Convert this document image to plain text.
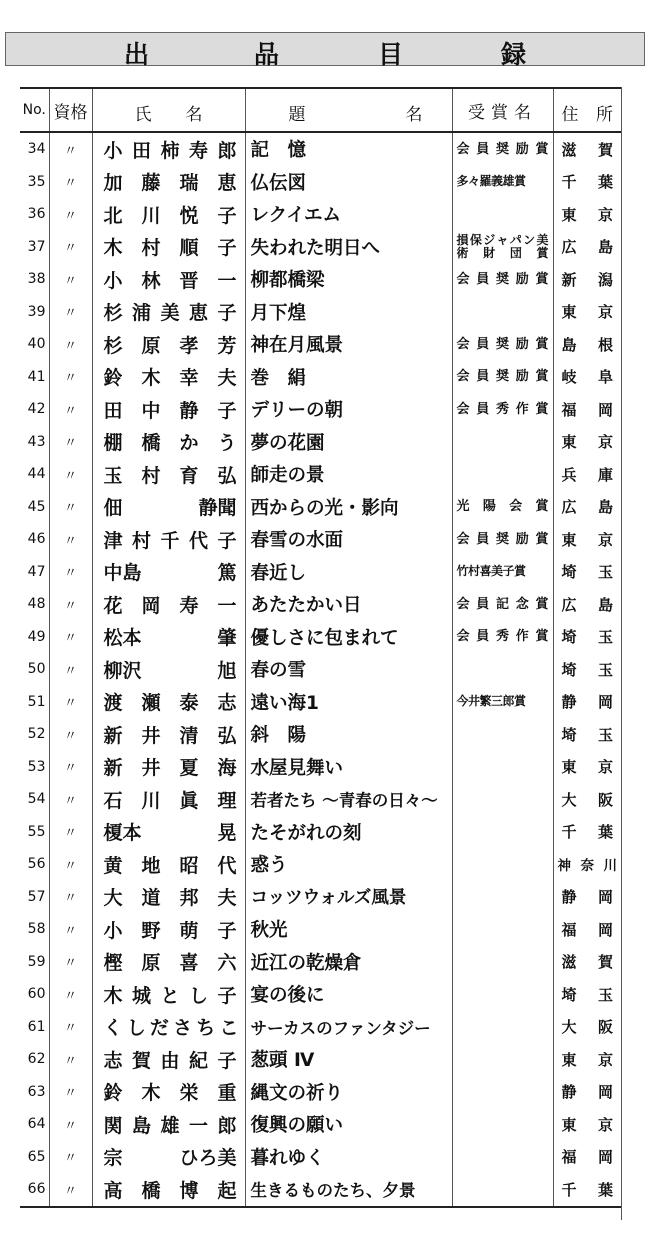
出	品	目	録
No.	資格	氏 名	題 名	受賞名	住 所

34	〃	小田柿寿郎	記　憶	会員奨励賞	滋賀
35	〃	加藤瑞恵	仏伝図	多々羅義雄賞	千葉
36	〃	北川悦子	レクイエム		東京
37	〃	木村順子	失われた明日へ	損保ジャパン美術財団賞	広島
38	〃	小林晋一	柳都橋梁	会員奨励賞	新潟
39	〃	杉浦美恵子	月下煌		東京
40	〃	杉原孝芳	神在月風景	会員奨励賞	島根
41	〃	鈴木幸夫	巻　絹	会員奨励賞	岐阜
42	〃	田中静子	デリーの朝	会員秀作賞	福岡
43	〃	棚橋かう	夢の花園		東京
44	〃	玉村育弘	師走の景		兵庫
45	〃	佃 静聞	西からの光・影向	光陽会賞	広島
46	〃	津村千代子	春雪の水面	会員奨励賞	東京
47	〃	中島 篤	春近し	竹村喜美子賞	埼玉
48	〃	花岡寿一	あたたかい日	会員記念賞	広島
49	〃	松本 肇	優しさに包まれて	会員秀作賞	埼玉
50	〃	柳沢 旭	春の雪		埼玉
51	〃	渡瀬泰志	遠い海1	今井繁三郎賞	静岡
52	〃	新井清弘	斜　陽		埼玉
53	〃	新井夏海	水屋見舞い		東京
54	〃	石川眞理	若者たち ～青春の日々～		大阪
55	〃	榎本 晃	たそがれの刻		千葉
56	〃	黄地昭代	惑う		神奈川
57	〃	大道邦夫	コッツウォルズ風景		静岡
58	〃	小野萌子	秋光		福岡
59	〃	樫原喜六	近江の乾燥倉		滋賀
60	〃	木城とし子	宴の後に		埼玉
61	〃	くしださちこ	サーカスのファンタジー		大阪
62	〃	志賀由紀子	葱頭 Ⅳ		東京
63	〃	鈴木栄重	縄文の祈り		静岡
64	〃	関島雄一郎	復興の願い		東京
65	〃	宗 ひろ美	暮れゆく		福岡
66	〃	高橋博起	生きるものたち、夕景		千葉
